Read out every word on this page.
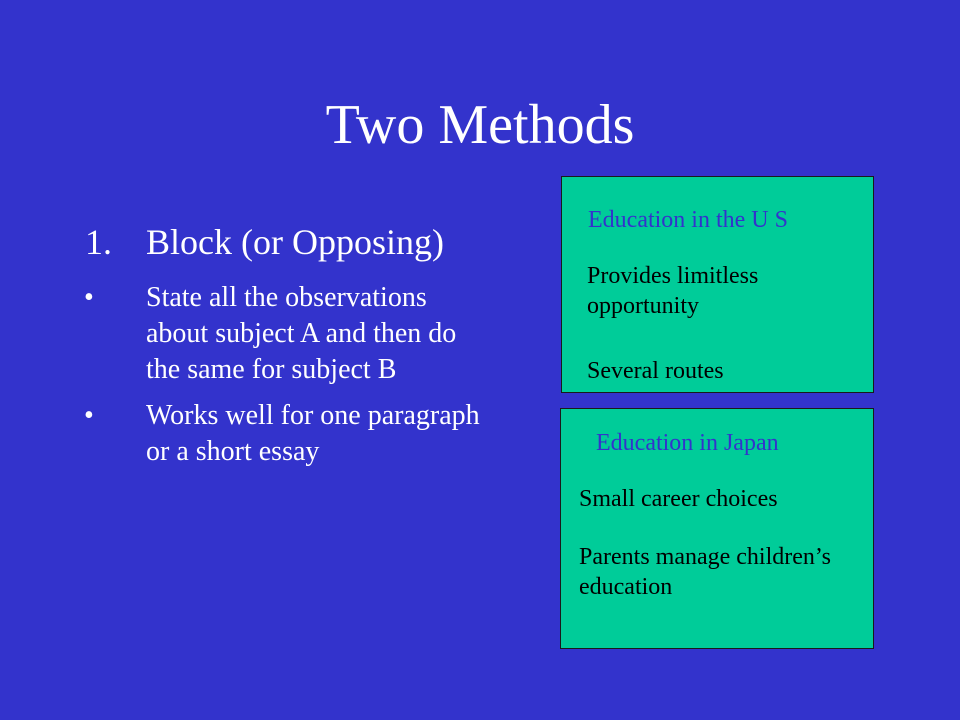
Two Methods
1. Block (or Opposing)
•	State all the observations about subject A and then do the same for subject B
•	Works well for one paragraph or a short essay
Education in the U S
Provides limitless opportunity
Several routes
Education in Japan
Small career choices
Parents manage children’s education
